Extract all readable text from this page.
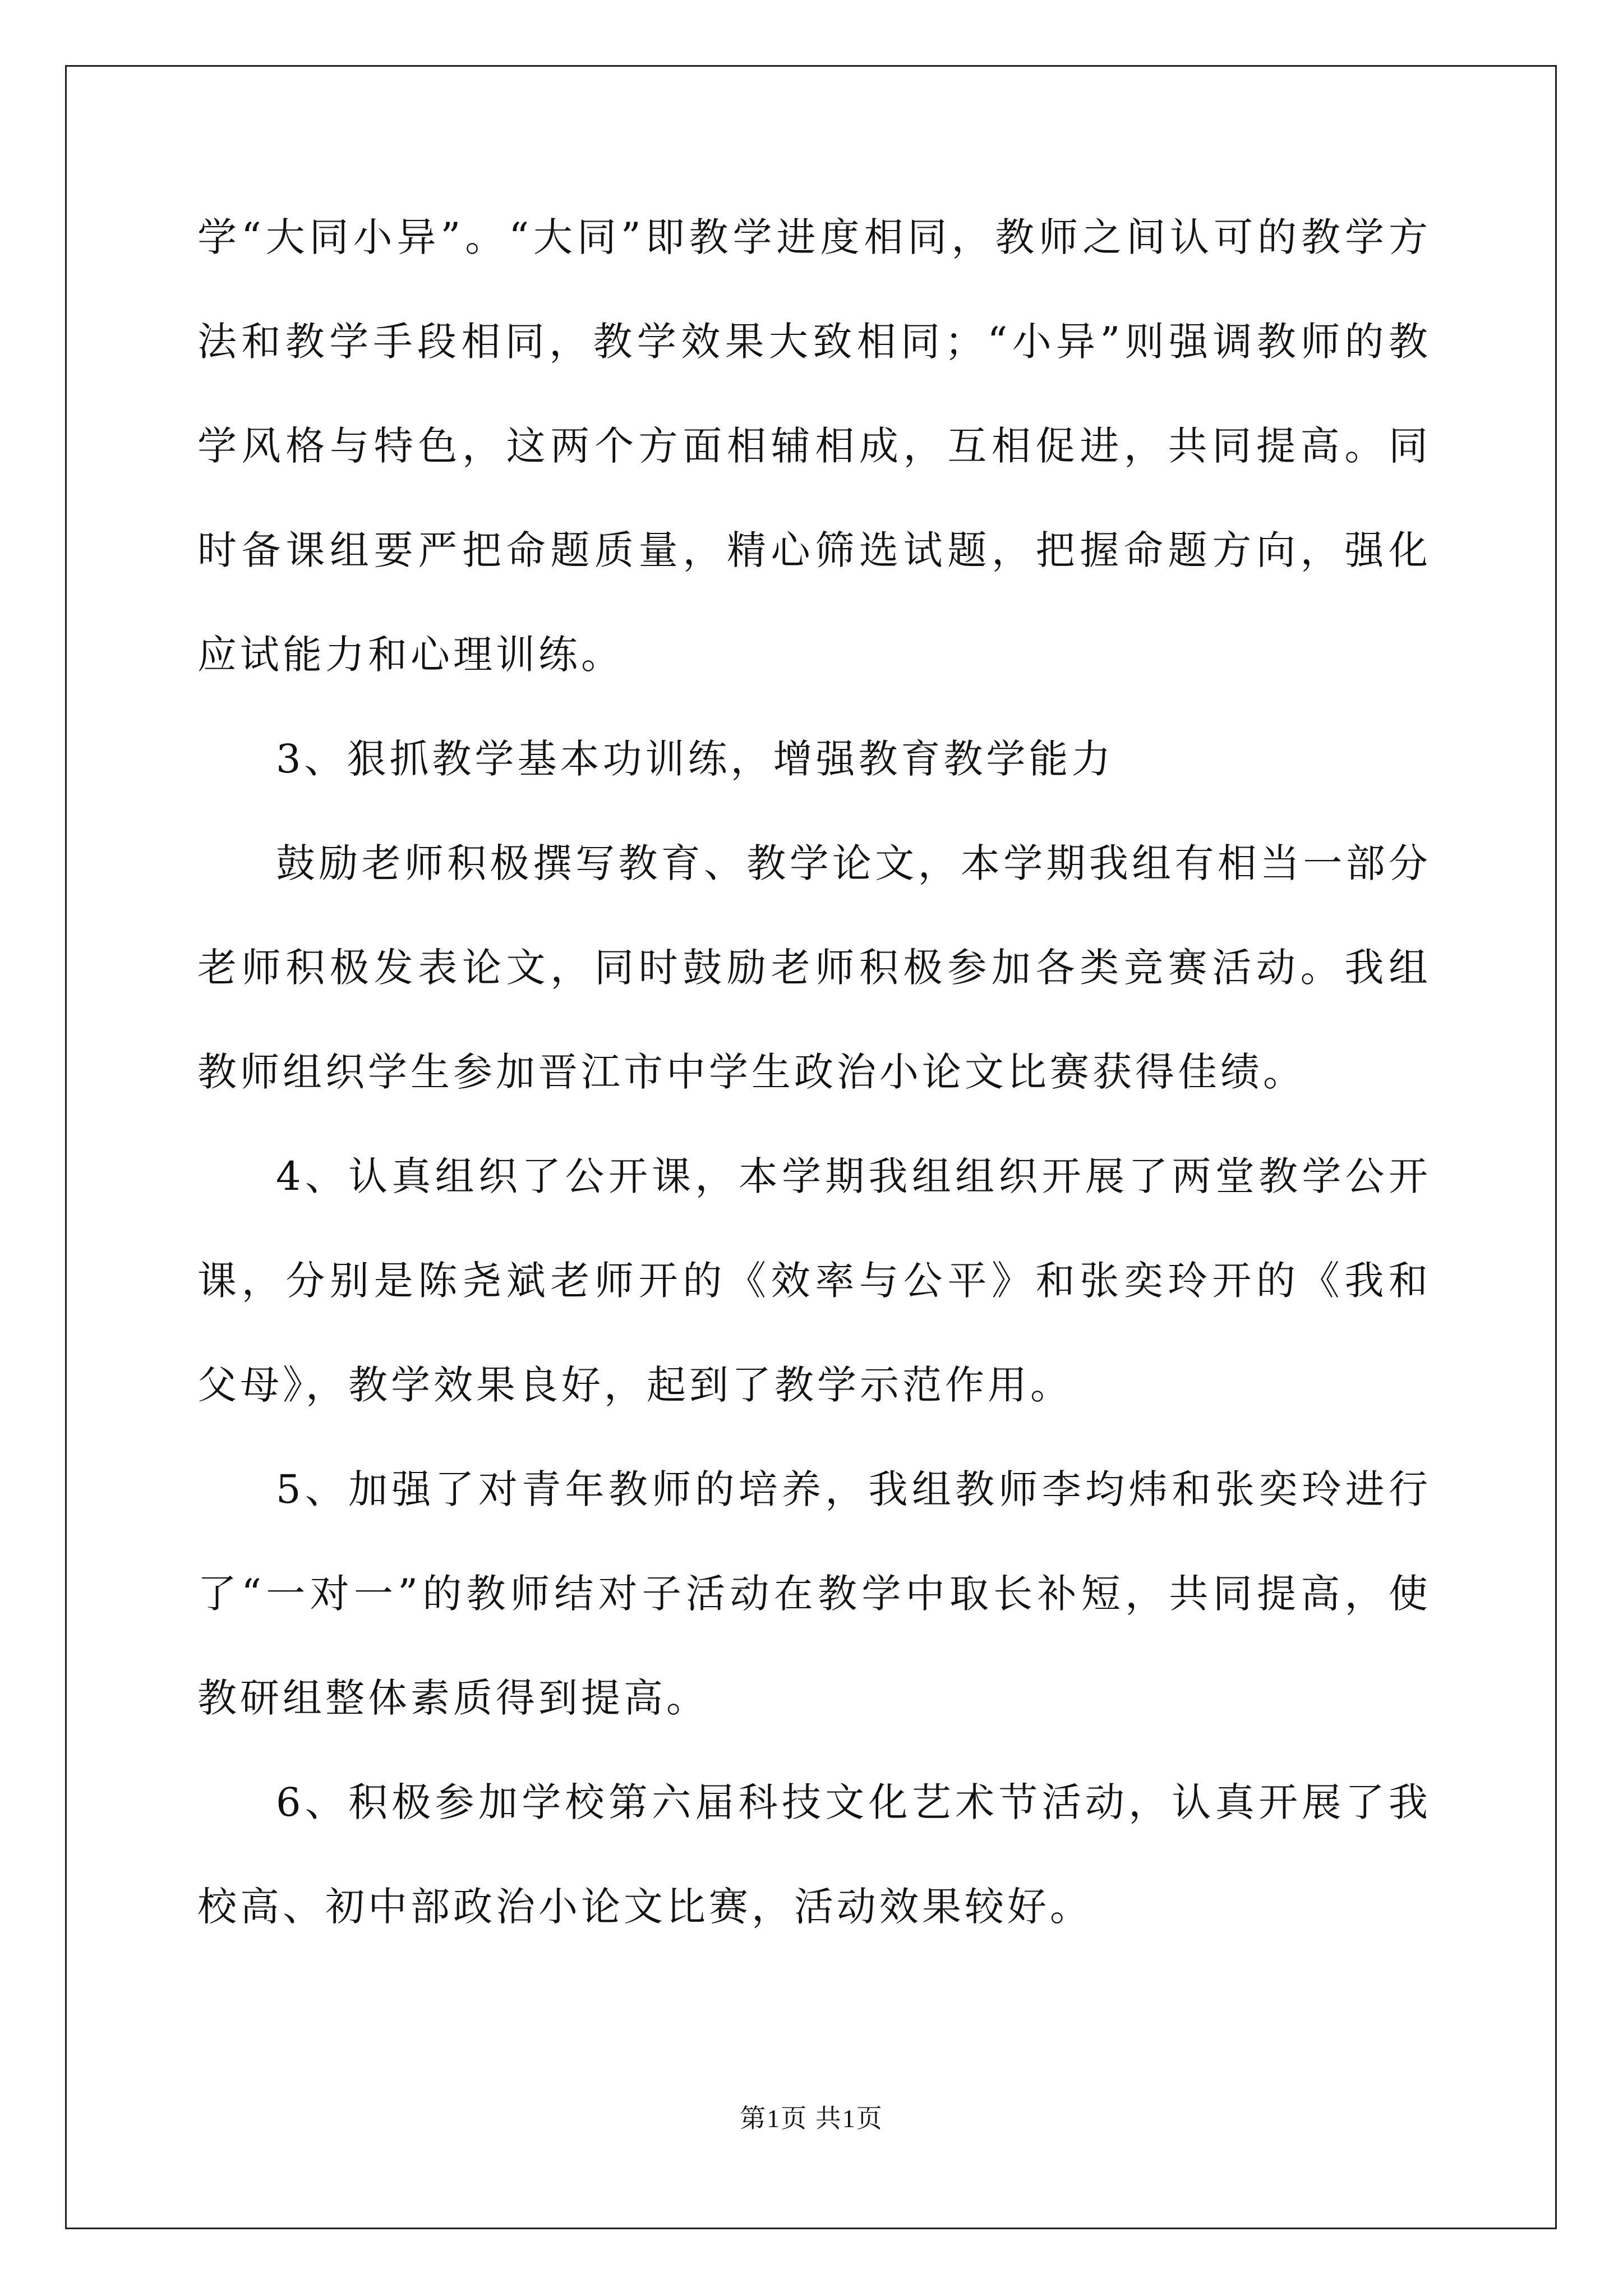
学“大同小异”。“大同”即教学进度相同，教师之间认可的教学方法和教学手段相同，教学效果大致相同；“小异”则强调教师的教学风格与特色，这两个方面相辅相成，互相促进，共同提高。同时备课组要严把命题质量，精心筛选试题，把握命题方向，强化应试能力和心理训练。

3、狠抓教学基本功训练，增强教育教学能力

鼓励老师积极撰写教育、教学论文，本学期我组有相当一部分老师积极发表论文，同时鼓励老师积极参加各类竞赛活动。我组教师组织学生参加晋江市中学生政治小论文比赛获得佳绩。

4、认真组织了公开课，本学期我组组织开展了两堂教学公开课，分别是陈尧斌老师开的《效率与公平》和张奕玲开的《我和父母》，教学效果良好，起到了教学示范作用。

5、加强了对青年教师的培养，我组教师李均炜和张奕玲进行了“一对一”的教师结对子活动在教学中取长补短，共同提高，使教研组整体素质得到提高。

6、积极参加学校第六届科技文化艺术节活动，认真开展了我校高、初中部政治小论文比赛，活动效果较好。

第1页 共1页
